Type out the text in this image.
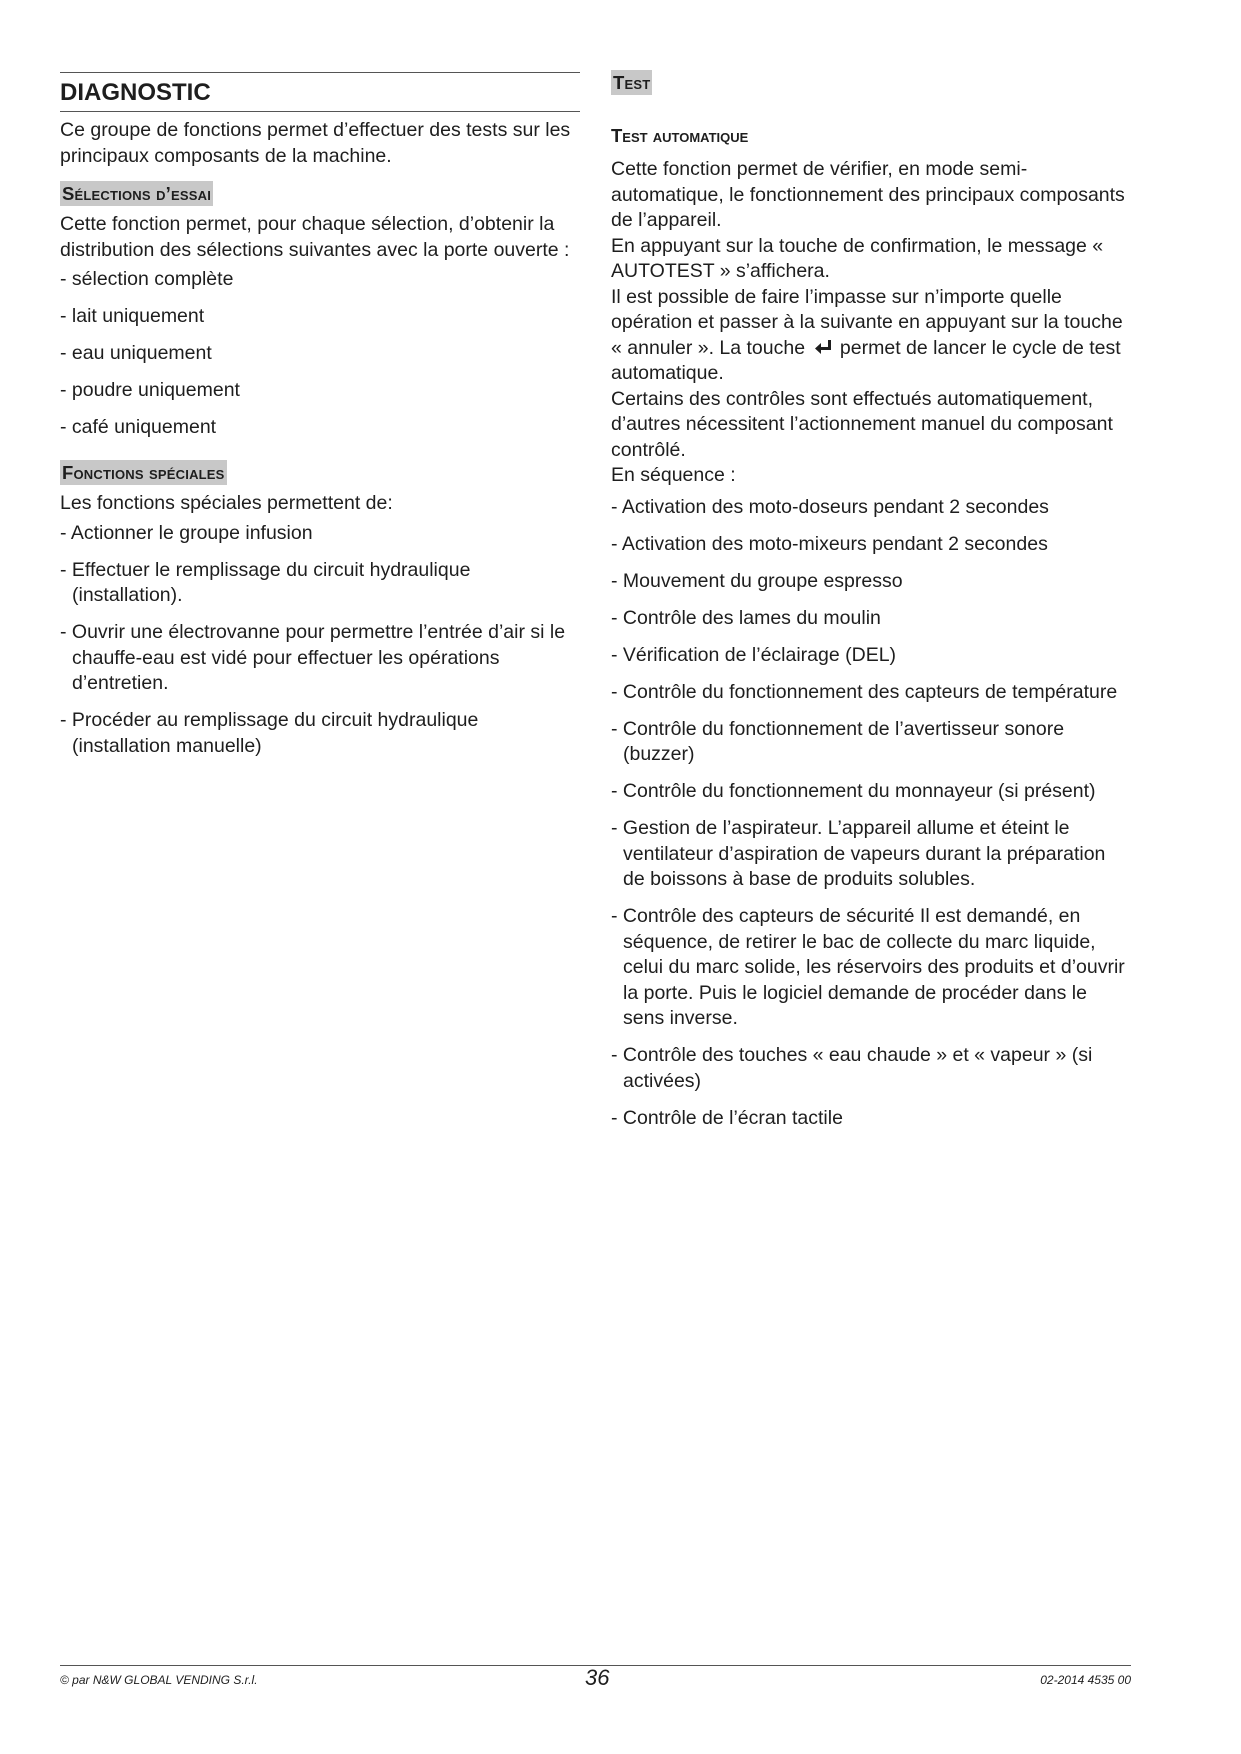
DIAGNOSTIC

Ce groupe de fonctions permet d’effectuer des tests sur les principaux composants de la machine.

Sélections d’essai

Cette fonction permet, pour chaque sélection, d’obtenir la distribution des sélections suivantes avec la porte ouverte :

- sélection complète
- lait uniquement
- eau uniquement
- poudre uniquement
- café uniquement
Fonctions spéciales

Les fonctions spéciales permettent de:

- Actionner le groupe infusion
- Effectuer le remplissage du circuit hydraulique (installation).
- Ouvrir une électrovanne pour permettre l’entrée d’air si le chauffe-eau est vidé pour effectuer les opérations d’entretien.
- Procéder au remplissage du circuit hydraulique (installation manuelle)
Test
Test automatique

Cette fonction permet de vérifier, en mode semi-automatique, le fonctionnement des principaux composants de l’appareil.

En appuyant sur la touche de confirmation, le message « AUTOTEST » s’affichera.

Il est possible de faire l’impasse sur n’importe quelle opération et passer à la suivante en appuyant sur la touche « annuler ». La touche permet de lancer le cycle de test automatique.

Certains des contrôles sont effectués automatiquement, d’autres nécessitent l’actionnement manuel du composant contrôlé.

En séquence :

- Activation des moto-doseurs pendant 2 secondes
- Activation des moto-mixeurs pendant 2 secondes
- Mouvement du groupe espresso
- Contrôle des lames du moulin
- Vérification de l’éclairage (DEL)
- Contrôle du fonctionnement des capteurs de température
- Contrôle du fonctionnement de l’avertisseur sonore (buzzer)
- Contrôle du fonctionnement du monnayeur (si présent)
- Gestion de l’aspirateur. L’appareil allume et éteint le ventilateur d’aspiration de vapeurs durant la préparation de boissons à base de produits solubles.
- Contrôle des capteurs de sécurité Il est demandé, en séquence, de retirer le bac de collecte du marc liquide, celui du marc solide, les réservoirs des produits et d’ouvrir la porte. Puis le logiciel demande de procéder dans le sens inverse.
- Contrôle des touches « eau chaude » et « vapeur » (si activées)
- Contrôle de l’écran tactile
© par N&W GLOBAL VENDING S.r.l.	36	02-2014 4535 00
